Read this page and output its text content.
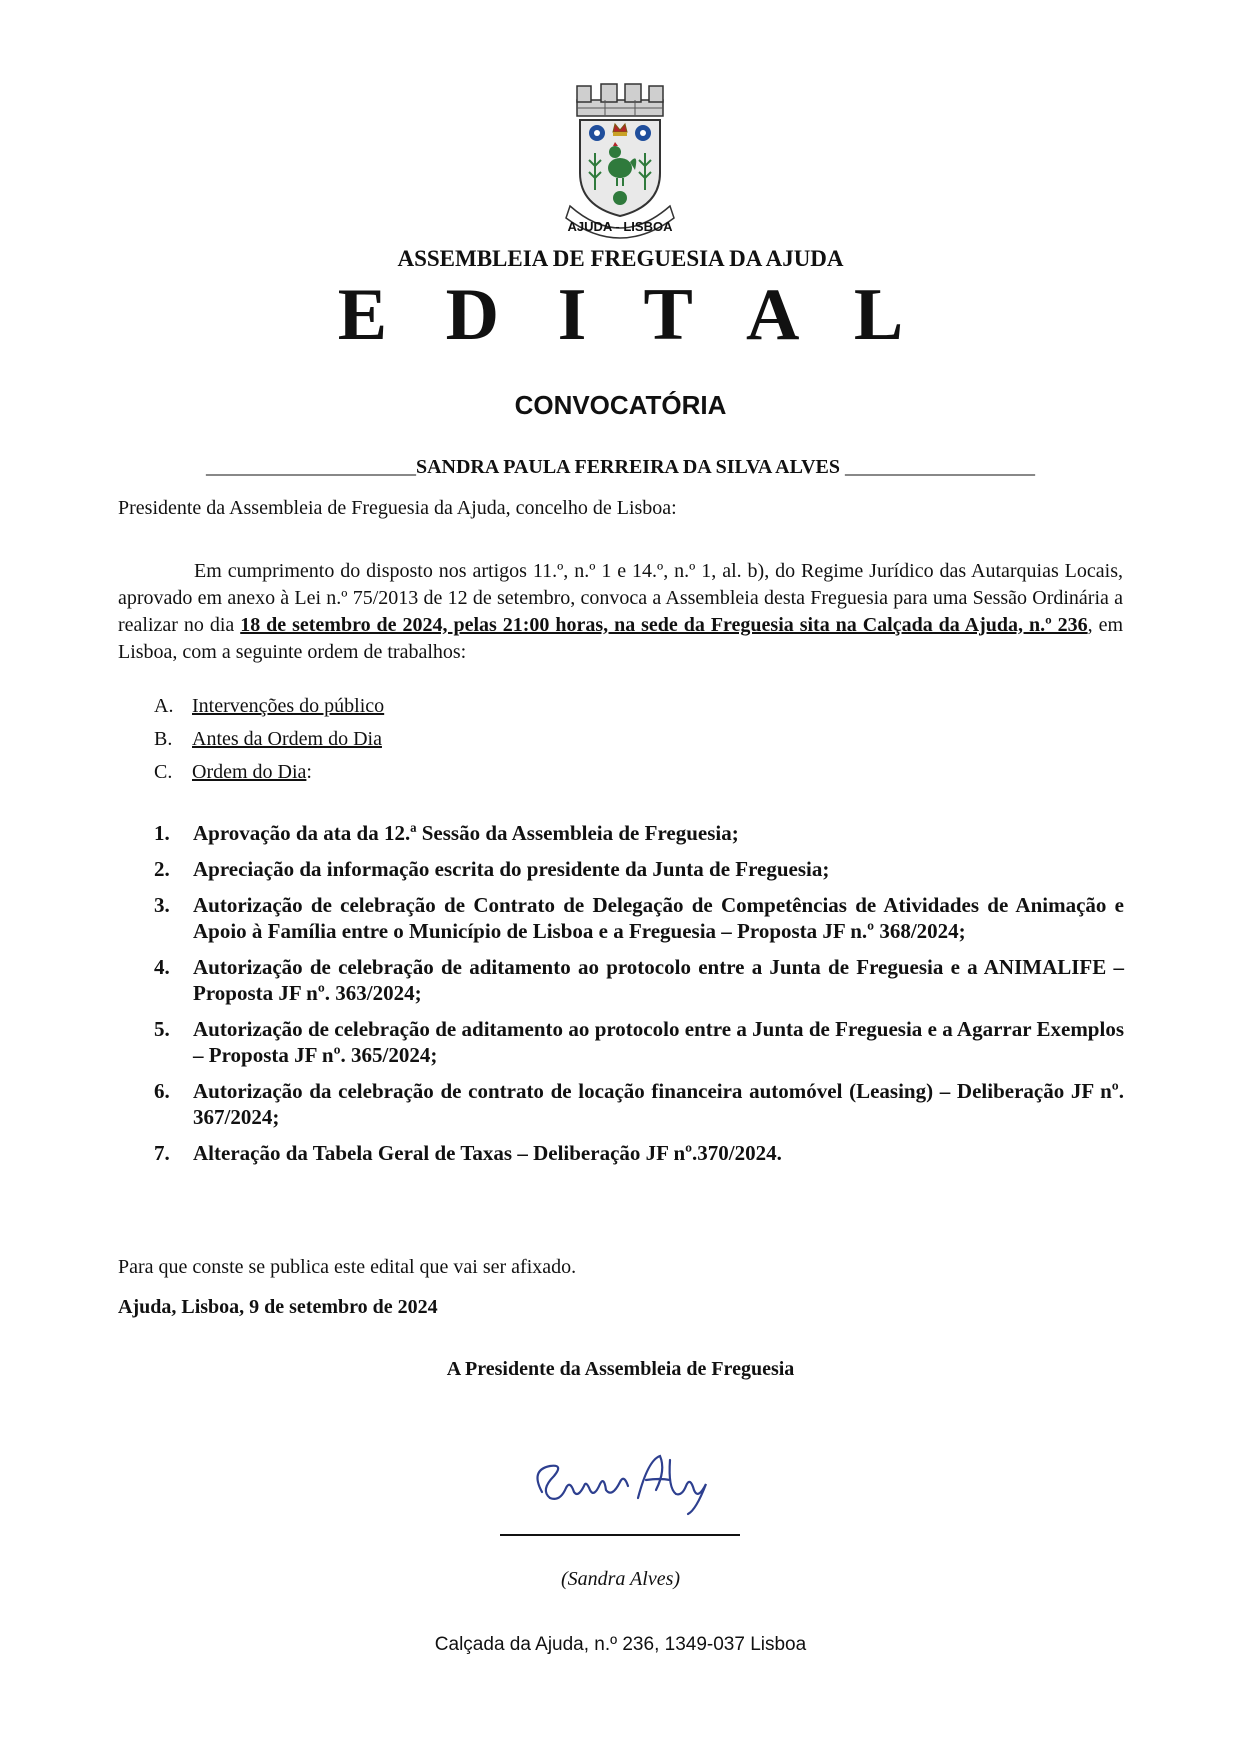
AJUDA - LISBOA
ASSEMBLEIA DE FREGUESIA DA AJUDA
E D I T A L
CONVOCATÓRIA
_____________________SANDRA PAULA FERREIRA DA SILVA ALVES ___________________
Presidente da Assembleia de Freguesia da Ajuda, concelho de Lisboa:
Em cumprimento do disposto nos artigos 11.º, n.º 1 e 14.º, n.º 1, al. b), do Regime Jurídico das Autarquias Locais, aprovado em anexo à Lei n.º 75/2013 de 12 de setembro, convoca a Assembleia desta Freguesia para uma Sessão Ordinária a realizar no dia 18 de setembro de 2024, pelas 21:00 horas, na sede da Freguesia sita na Calçada da Ajuda, n.º 236, em Lisboa, com a seguinte ordem de trabalhos:
A. Intervenções do público
B. Antes da Ordem do Dia
C. Ordem do Dia:
1. Aprovação da ata da 12.ª Sessão da Assembleia de Freguesia;
2. Apreciação da informação escrita do presidente da Junta de Freguesia;
3. Autorização de celebração de Contrato de Delegação de Competências de Atividades de Animação e Apoio à Família entre o Município de Lisboa e a Freguesia – Proposta JF n.º 368/2024;
4. Autorização de celebração de aditamento ao protocolo entre a Junta de Freguesia e a ANIMALIFE – Proposta JF nº. 363/2024;
5. Autorização de celebração de aditamento ao protocolo entre a Junta de Freguesia e a Agarrar Exemplos – Proposta JF nº. 365/2024;
6. Autorização da celebração de contrato de locação financeira automóvel (Leasing) – Deliberação JF nº. 367/2024;
7. Alteração da Tabela Geral de Taxas – Deliberação JF nº.370/2024.
Para que conste se publica este edital que vai ser afixado.
Ajuda, Lisboa, 9 de setembro de 2024
A Presidente da Assembleia de Freguesia
(Sandra Alves)
Calçada da Ajuda, n.º 236, 1349-037 Lisboa
